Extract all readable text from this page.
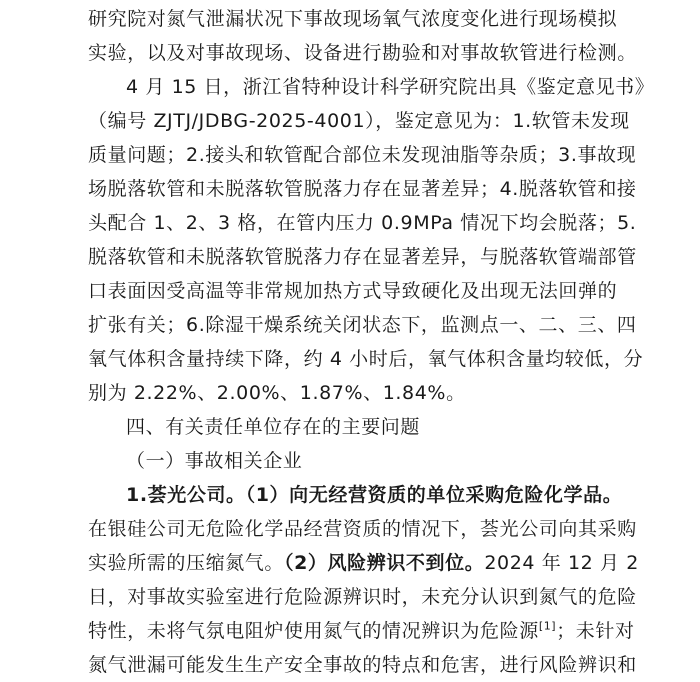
研究院对氮气泄漏状况下事故现场氧气浓度变化进行现场模拟
实验，以及对事故现场、设备进行勘验和对事故软管进行检测。
4 月 15 日，浙江省特种设计科学研究院出具《鉴定意见书》
（编号 ZJTJ/JDBG-2025-4001），鉴定意见为：1.软管未发现
质量问题；2.接头和软管配合部位未发现油脂等杂质；3.事故现
场脱落软管和未脱落软管脱落力存在显著差异；4.脱落软管和接
头配合 1、2、3 格，在管内压力 0.9MPa 情况下均会脱落；5.
脱落软管和未脱落软管脱落力存在显著差异，与脱落软管端部管
口表面因受高温等非常规加热方式导致硬化及出现无法回弹的
扩张有关；6.除湿干燥系统关闭状态下，监测点一、二、三、四
氧气体积含量持续下降，约 4 小时后，氧气体积含量均较低，分
别为 2.22%、2.00%、1.87%、1.84%。
四、有关责任单位存在的主要问题
（一）事故相关企业
1.荟光公司。（1）向无经营资质的单位采购危险化学品。
在银硅公司无危险化学品经营资质的情况下，荟光公司向其采购
实验所需的压缩氮气。（2）风险辨识不到位。2024 年 12 月 2
日，对事故实验室进行危险源辨识时，未充分认识到氮气的危险
特性，未将气氛电阻炉使用氮气的情况辨识为危险源[1]；未针对
氮气泄漏可能发生生产安全事故的特点和危害，进行风险辨识和
